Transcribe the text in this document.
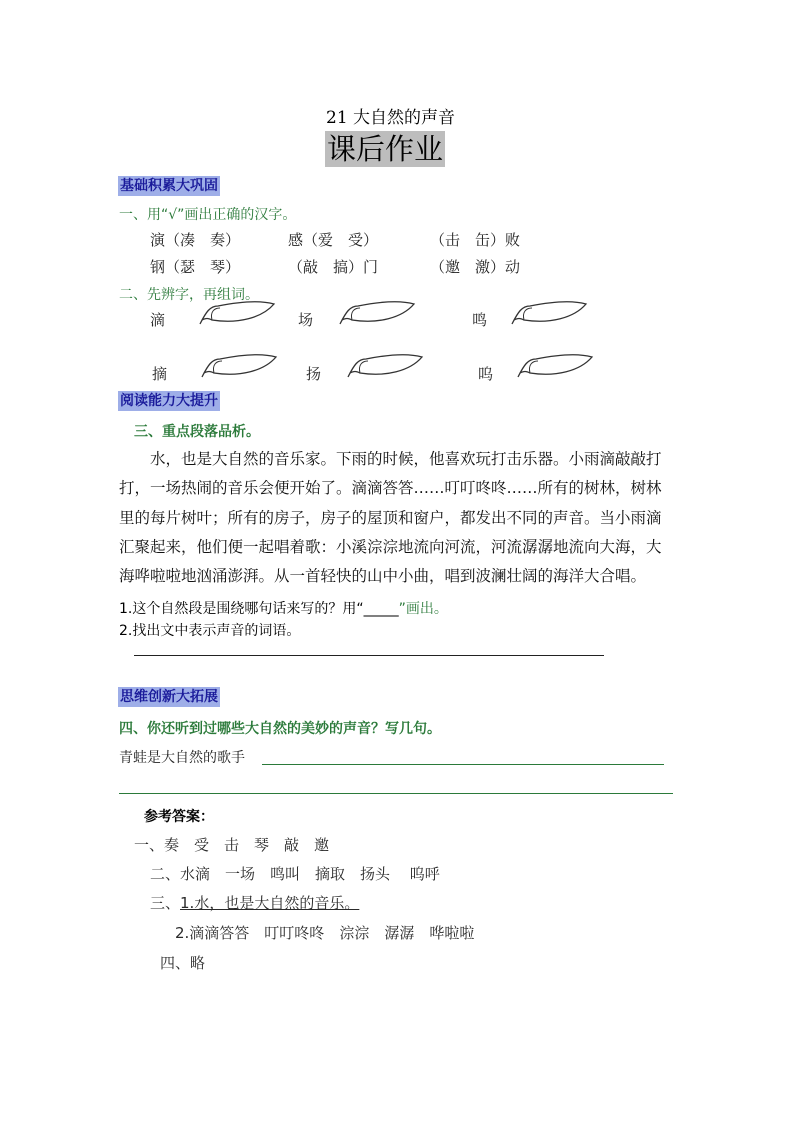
21 大自然的声音
课后作业
基础积累大巩固
一、用“√”画出正确的汉字。
演（凑　奏）	感（爱　受）	（击　缶）败
钢（瑟　琴）	（敲　搞）门	（邀　激）动
二、先辨字，再组词。
滴	场	鸣
摘	扬	呜
阅读能力大提升
三、重点段落品析。
水，也是大自然的音乐家。下雨的时候，他喜欢玩打击乐器。小雨滴敲敲打
打，一场热闹的音乐会便开始了。滴滴答答……叮叮咚咚……所有的树林，树林
里的每片树叶；所有的房子，房子的屋顶和窗户，都发出不同的声音。当小雨滴
汇聚起来，他们便一起唱着歌：小溪淙淙地流向河流，河流潺潺地流向大海，大
海哗啦啦地汹涌澎湃。从一首轻快的山中小曲，唱到波澜壮阔的海洋大合唱。
1.这个自然段是围绕哪句话来写的？用“_____”画出。
2.找出文中表示声音的词语。
思维创新大拓展
四、你还听到过哪些大自然的美妙的声音？写几句。
青蛙是大自然的歌手
参考答案：
一、奏　受　击　琴　敲　邀
二、水滴　一场　鸣叫　摘取　扬头　 呜呼
三、1.水，也是大自然的音乐。
2.滴滴答答　叮叮咚咚　淙淙　潺潺　哗啦啦
四、略
